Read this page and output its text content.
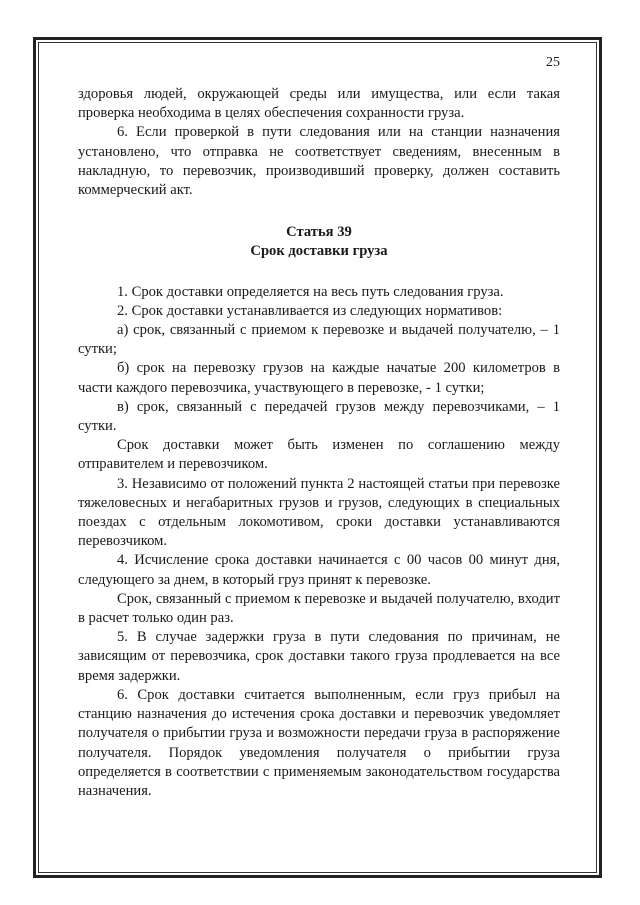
25

здоровья людей, окружающей среды или имущества, или если такая проверка необходима в целях обеспечения сохранности груза.

6. Если проверкой в пути следования или на станции назначения установлено, что отправка не соответствует сведениям, внесенным в накладную, то перевозчик, производивший проверку, должен составить коммерческий акт.

Статья 39
Срок доставки груза

1. Срок доставки определяется на весь путь следования груза.

2. Срок доставки устанавливается из следующих нормативов:

а) срок, связанный с приемом к перевозке и выдачей получателю, – 1 сутки;

б) срок на перевозку грузов на каждые начатые 200 километров в части каждого перевозчика, участвующего в перевозке, - 1 сутки;

в) срок, связанный с передачей грузов между перевозчиками, – 1 сутки.

Срок доставки может быть изменен по соглашению между отправителем и перевозчиком.

3. Независимо от положений пункта 2 настоящей статьи при перевозке тяжеловесных и негабаритных грузов и грузов, следующих в специальных поездах с отдельным локомотивом, сроки доставки устанавливаются перевозчиком.

4. Исчисление срока доставки начинается с 00 часов 00 минут дня, следующего за днем, в который груз принят к перевозке.

Срок, связанный с приемом к перевозке и выдачей получателю, входит в расчет только один раз.

5. В случае задержки груза в пути следования по причинам, не зависящим от перевозчика, срок доставки такого груза продлевается на все время задержки.

6. Срок доставки считается выполненным, если груз прибыл на станцию назначения до истечения срока доставки и перевозчик уведомляет получателя о прибытии груза и возможности передачи груза в распоряжение получателя. Порядок уведомления получателя о прибытии груза определяется в соответствии с применяемым законодательством государства назначения.
